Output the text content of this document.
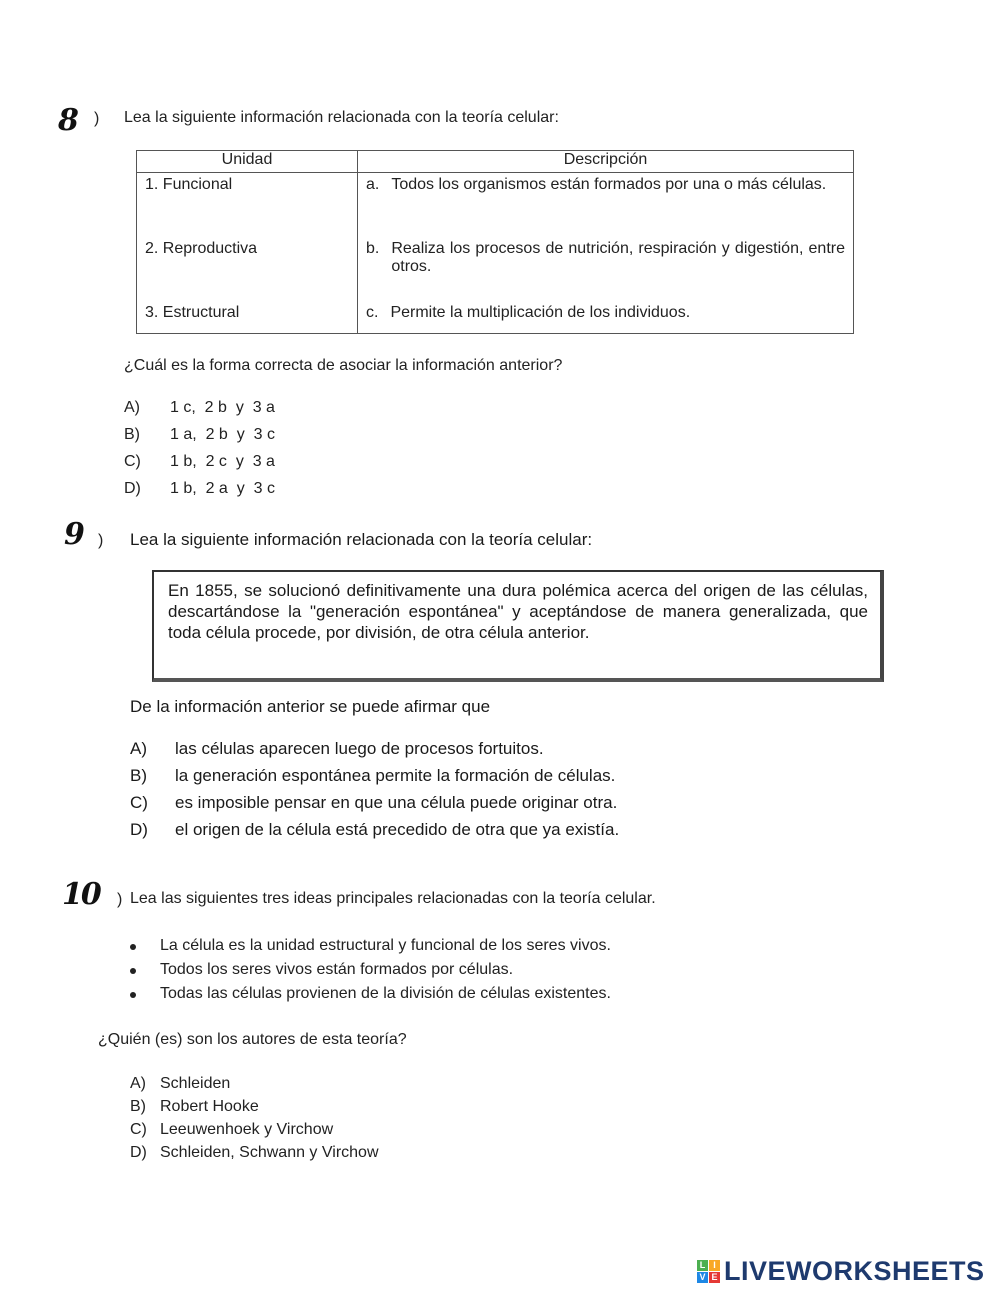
8 ) Lea la siguiente información relacionada con la teoría celular:
Unidad	Descripción
1. Funcional	a. Todos los organismos están formados por una o más células.

2. Reproductiva	b. Realiza los procesos de nutrición, respiración y digestión, entre otros.

3. Estructural	c. Permite la multiplicación de los individuos.
¿Cuál es la forma correcta de asociar la información anterior?
A) 1 c,  2 b  y  3 a
B) 1 a,  2 b  y  3 c
C) 1 b,  2 c  y  3 a
D) 1 b,  2 a  y  3 c
9 ) Lea la siguiente información relacionada con la teoría celular:
En 1855, se solucionó definitivamente una dura polémica acerca del origen de las células, descartándose la "generación espontánea" y aceptándose de manera generalizada, que toda célula procede, por división, de otra célula anterior.
De la información anterior se puede afirmar que
A) las células aparecen luego de procesos fortuitos.
B) la generación espontánea permite la formación de células.
C) es imposible pensar en que una célula puede originar otra.
D) el origen de la célula está precedido de otra que ya existía.
10 ) Lea las siguientes tres ideas principales relacionadas con la teoría celular.
La célula es la unidad estructural y funcional de los seres vivos.
Todos los seres vivos están formados por células.
Todas las células provienen de la división de células existentes.
¿Quién (es) son los autores de esta teoría?
A) Schleiden
B) Robert Hooke
C) Leeuwenhoek y Virchow
D) Schleiden, Schwann y Virchow
L I
V E LIVEWORKSHEETS
